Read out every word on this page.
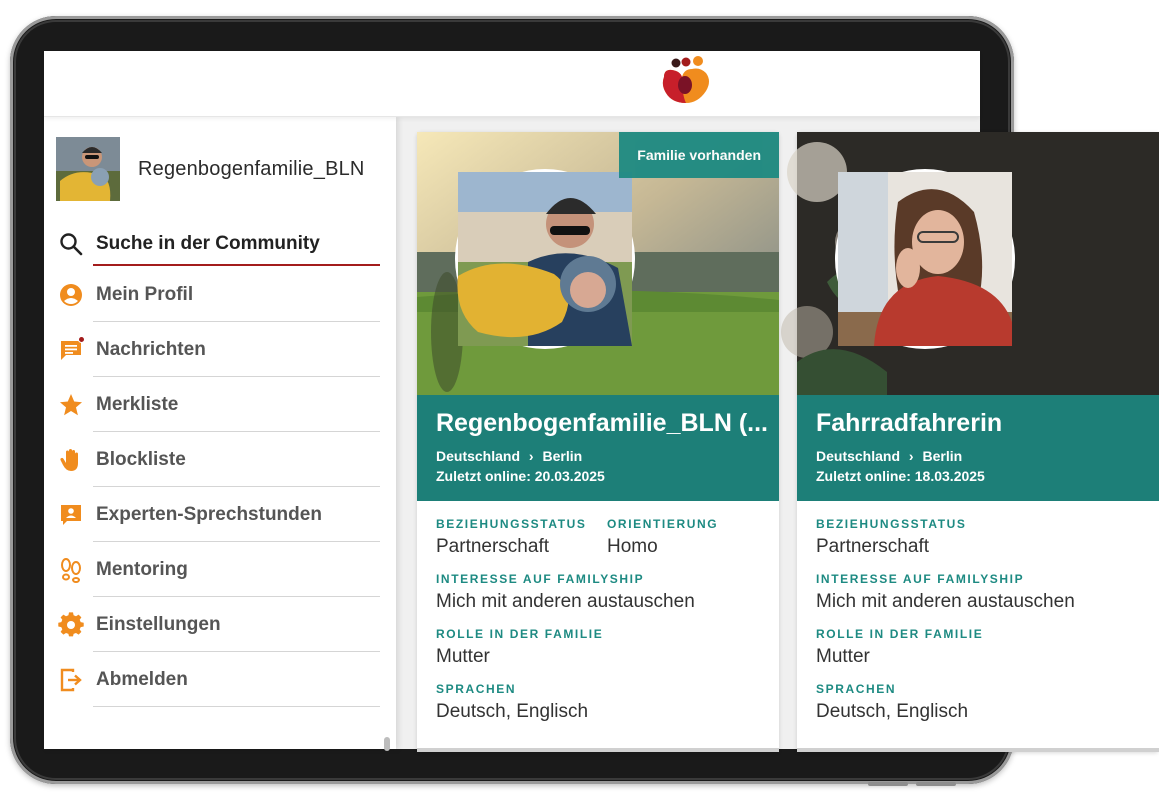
Regenbogenfamilie_BLN
Suche in der Community
Mein Profil
Nachrichten
Merkliste
Blockliste
Experten-Sprechstunden
Mentoring
Einstellungen
Abmelden
Familie vorhanden
Regenbogenfamilie_BLN (...
Deutschland › Berlin
Zuletzt online: 20.03.2025
BEZIEHUNGSSTATUS
Partnerschaft
ORIENTIERUNG
Homo
INTERESSE AUF FAMILYSHIP
Mich mit anderen austauschen
ROLLE IN DER FAMILIE
Mutter
SPRACHEN
Deutsch, Englisch
Fahrradfahrerin
Deutschland › Berlin
Zuletzt online: 18.03.2025
BEZIEHUNGSSTATUS
Partnerschaft
INTERESSE AUF FAMILYSHIP
Mich mit anderen austauschen
ROLLE IN DER FAMILIE
Mutter
SPRACHEN
Deutsch, Englisch
